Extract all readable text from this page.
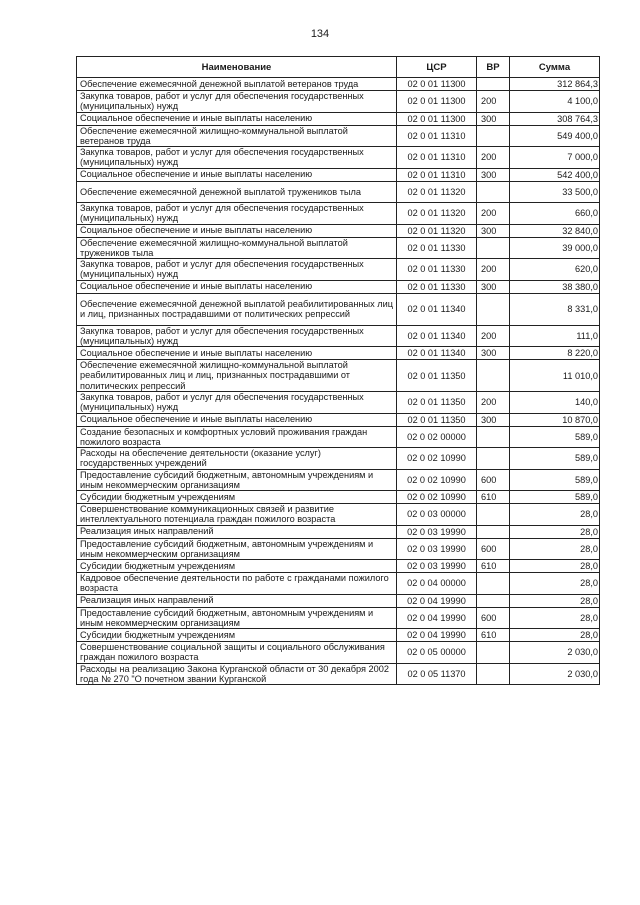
134
Наименование	ЦСР	ВР	Сумма
Обеспечение ежемесячной денежной выплатой ветеранов труда	02 0 01 11300		312 864,3
Закупка товаров, работ и услуг для обеспечения государственных (муниципальных) нужд	02 0 01 11300	200	4 100,0
Социальное обеспечение и иные выплаты населению	02 0 01 11300	300	308 764,3
Обеспечение ежемесячной жилищно-коммунальной выплатой ветеранов труда	02 0 01 11310		549 400,0
Закупка товаров, работ и услуг для обеспечения государственных (муниципальных) нужд	02 0 01 11310	200	7 000,0
Социальное обеспечение и иные выплаты населению	02 0 01 11310	300	542 400,0
Обеспечение ежемесячной денежной выплатой тружеников тыла	02 0 01 11320		33 500,0
Закупка товаров, работ и услуг для обеспечения государственных (муниципальных) нужд	02 0 01 11320	200	660,0
Социальное обеспечение и иные выплаты населению	02 0 01 11320	300	32 840,0
Обеспечение ежемесячной жилищно-коммунальной выплатой тружеников тыла	02 0 01 11330		39 000,0
Закупка товаров, работ и услуг для обеспечения государственных (муниципальных) нужд	02 0 01 11330	200	620,0
Социальное обеспечение и иные выплаты населению	02 0 01 11330	300	38 380,0
Обеспечение ежемесячной денежной выплатой реабилитированных лиц и лиц, признанных пострадавшими от политических репрессий	02 0 01 11340		8 331,0
Закупка товаров, работ и услуг для обеспечения государственных (муниципальных) нужд	02 0 01 11340	200	111,0
Социальное обеспечение и иные выплаты населению	02 0 01 11340	300	8 220,0
Обеспечение ежемесячной жилищно-коммунальной выплатой реабилитированных лиц и лиц, признанных пострадавшими от политических репрессий	02 0 01 11350		11 010,0
Закупка товаров, работ и услуг для обеспечения государственных (муниципальных) нужд	02 0 01 11350	200	140,0
Социальное обеспечение и иные выплаты населению	02 0 01 11350	300	10 870,0
Создание безопасных и комфортных условий проживания граждан пожилого возраста	02 0 02 00000		589,0
Расходы на обеспечение деятельности (оказание услуг) государственных учреждений	02 0 02 10990		589,0
Предоставление субсидий бюджетным, автономным учреждениям и иным некоммерческим организациям	02 0 02 10990	600	589,0
Субсидии бюджетным учреждениям	02 0 02 10990	610	589,0
Совершенствование коммуникационных связей и развитие интеллектуального потенциала граждан пожилого возраста	02 0 03 00000		28,0
Реализация иных направлений	02 0 03 19990		28,0
Предоставление субсидий бюджетным, автономным учреждениям и иным некоммерческим организациям	02 0 03 19990	600	28,0
Субсидии бюджетным учреждениям	02 0 03 19990	610	28,0
Кадровое обеспечение деятельности по работе с гражданами пожилого возраста	02 0 04 00000		28,0
Реализация иных направлений	02 0 04 19990		28,0
Предоставление субсидий бюджетным, автономным учреждениям и иным некоммерческим организациям	02 0 04 19990	600	28,0
Субсидии бюджетным учреждениям	02 0 04 19990	610	28,0
Совершенствование социальной защиты и социального обслуживания граждан пожилого возраста	02 0 05 00000		2 030,0
Расходы на реализацию Закона Курганской области от 30 декабря 2002 года № 270 "О почетном звании Курганской	02 0 05 11370		2 030,0
